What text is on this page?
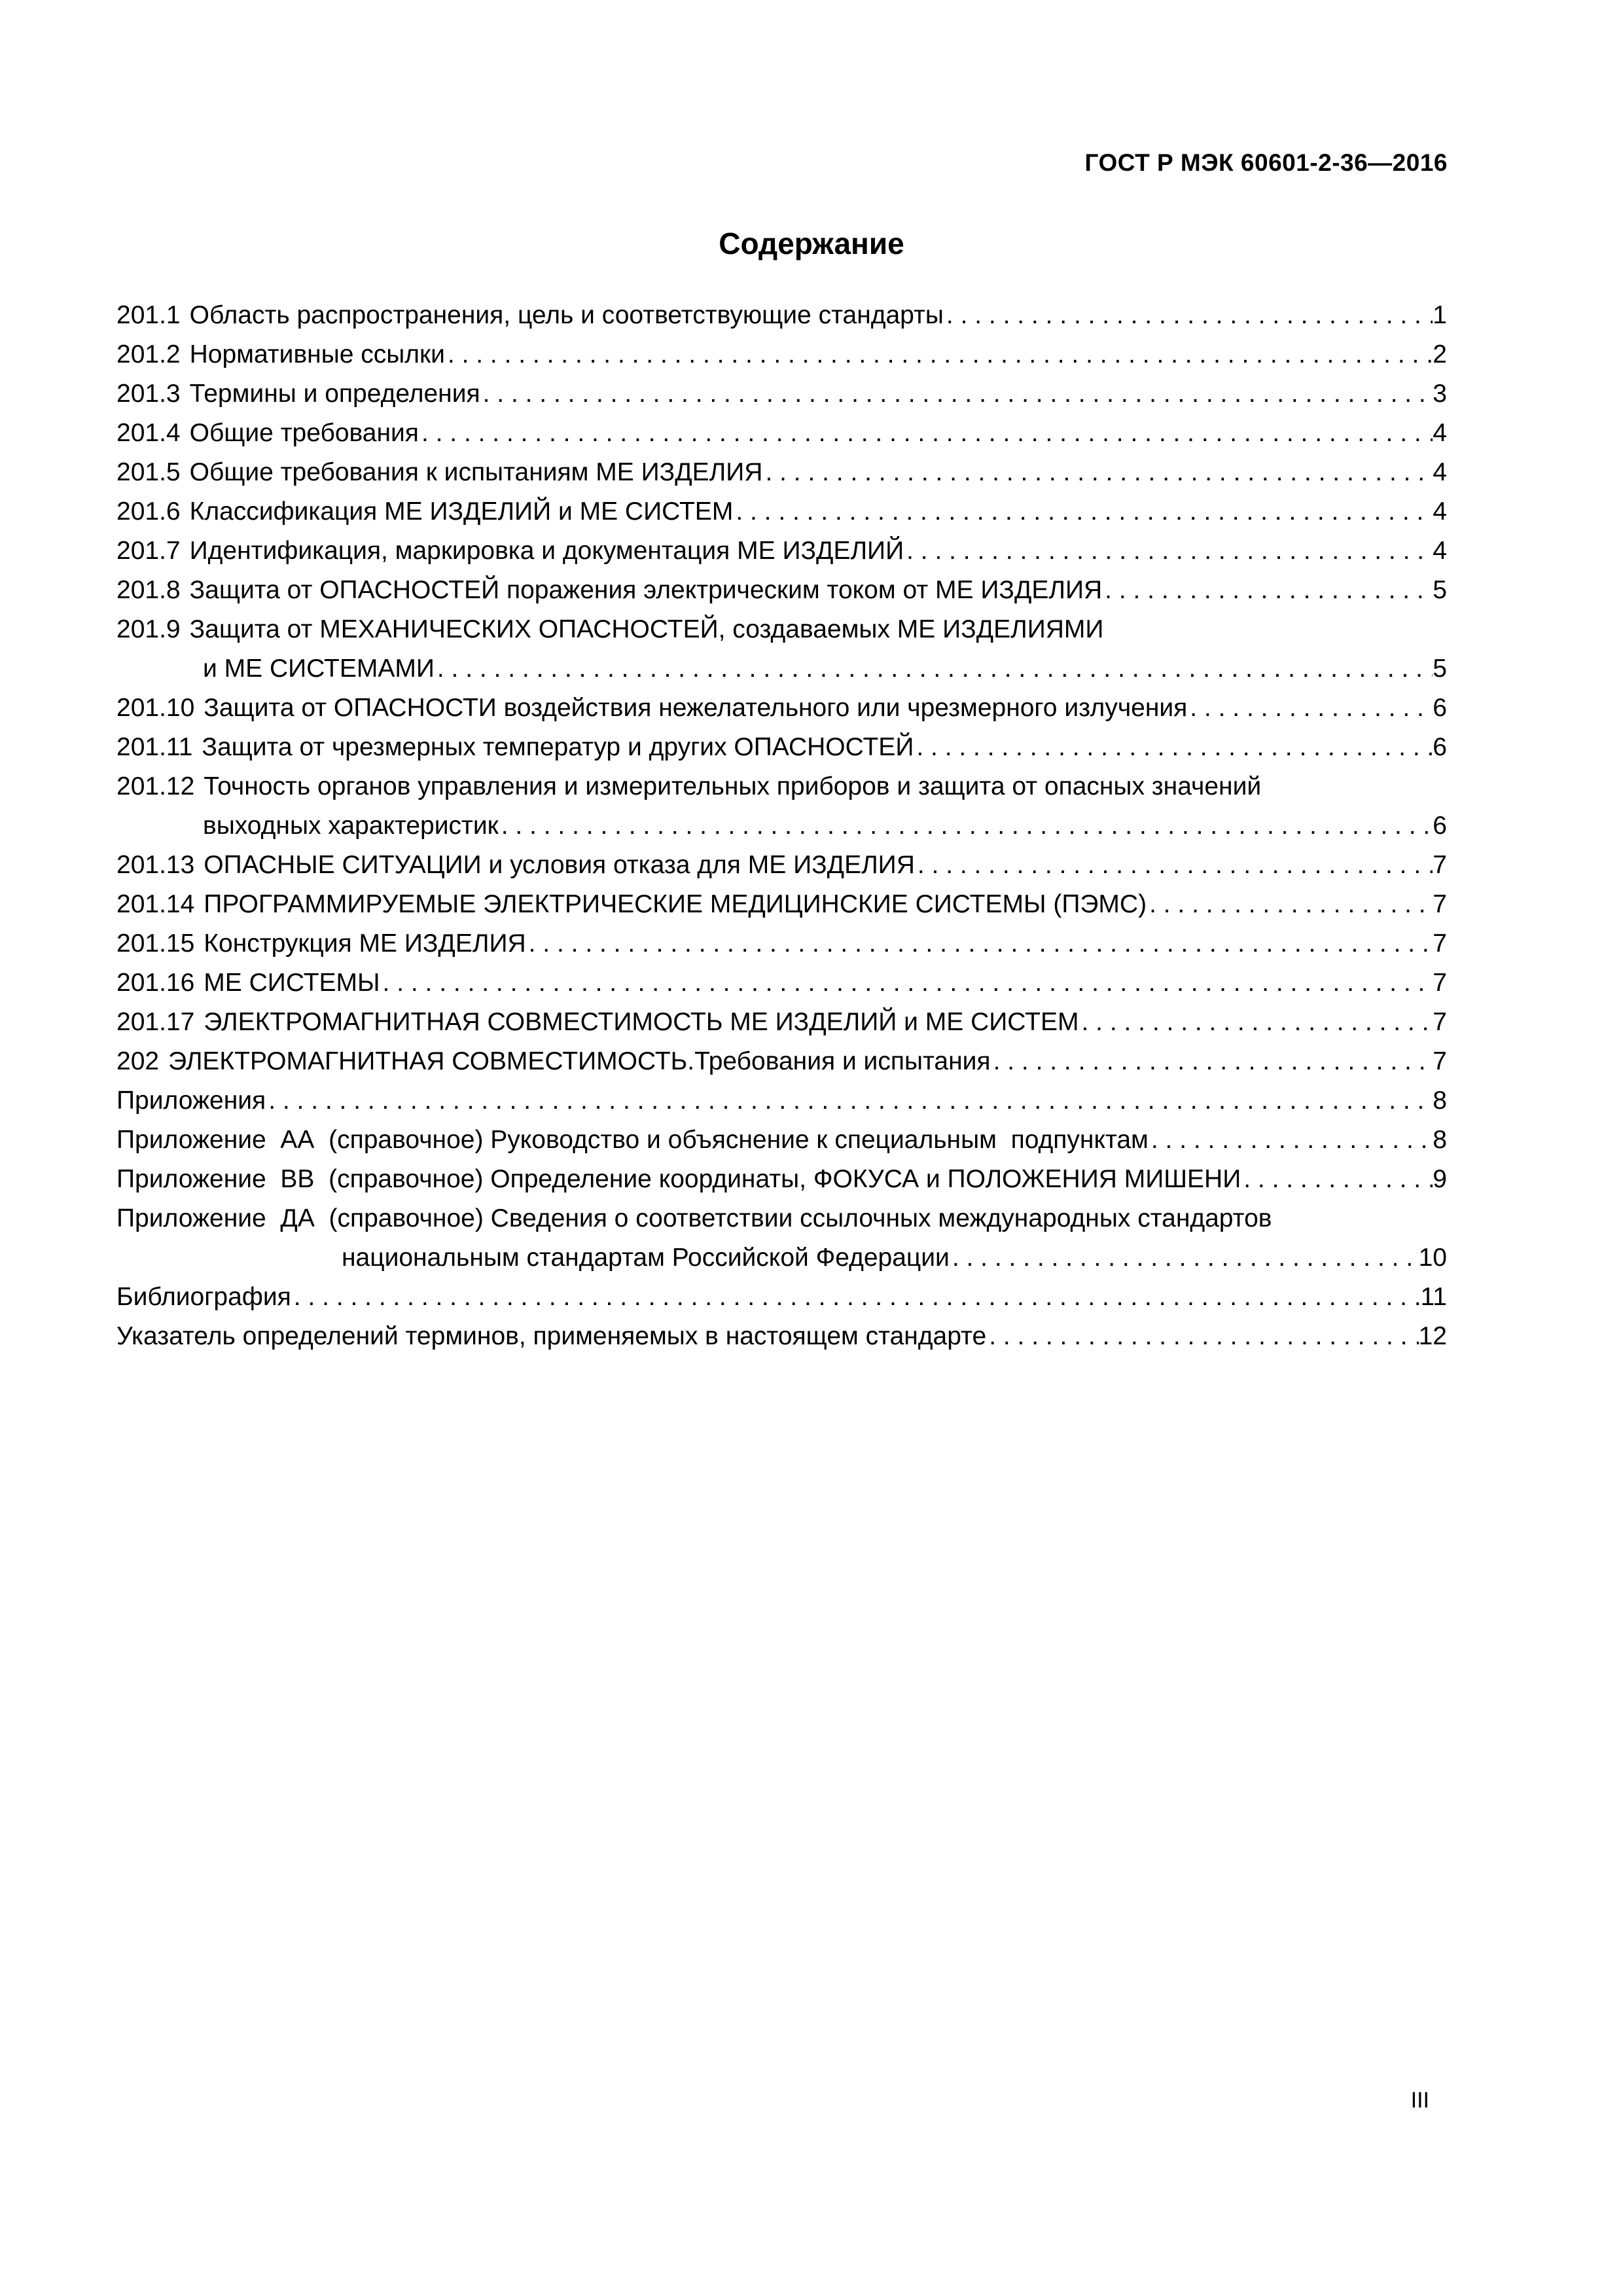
ГОСТ Р МЭК 60601-2-36—2016
Содержание
201.1 Область распространения, цель и соответствующие стандарты . . .	1
201.2 Нормативные ссылки . . .	2
201.3 Термины и определения . . .	3
201.4 Общие требования . . .	4
201.5 Общие требования к испытаниям МЕ ИЗДЕЛИЯ . . .	4
201.6 Классификация МЕ ИЗДЕЛИЙ и МЕ СИСТЕМ . . .	4
201.7 Идентификация, маркировка и документация МЕ ИЗДЕЛИЙ . . .	4
201.8 Защита от ОПАСНОСТЕЙ поражения электрическим током от МЕ ИЗДЕЛИЯ . . .	5
201.9 Защита от МЕХАНИЧЕСКИХ ОПАСНОСТЕЙ, создаваемых МЕ ИЗДЕЛИЯМИ
и МЕ СИСТЕМАМИ . . .	5
201.10 Защита от ОПАСНОСТИ воздействия нежелательного или чрезмерного излучения . . .	6
201.11 Защита от чрезмерных температур и других ОПАСНОСТЕЙ . . .	6
201.12 Точность органов управления и измерительных приборов и защита от опасных значений
выходных характеристик . . .	6
201.13 ОПАСНЫЕ СИТУАЦИИ и условия отказа для МЕ ИЗДЕЛИЯ . . .	7
201.14 ПРОГРАММИРУЕМЫЕ ЭЛЕКТРИЧЕСКИЕ МЕДИЦИНСКИЕ СИСТЕМЫ (ПЭМС) . . .	7
201.15 Конструкция МЕ ИЗДЕЛИЯ . . .	7
201.16 МЕ СИСТЕМЫ . . .	7
201.17 ЭЛЕКТРОМАГНИТНАЯ СОВМЕСТИМОСТЬ МЕ ИЗДЕЛИЙ и МЕ СИСТЕМ . . .	7
202 ЭЛЕКТРОМАГНИТНАЯ СОВМЕСТИМОСТЬ.Требования и испытания . . .	7
Приложения . . .	8
Приложение  АА  (справочное) Руководство и объяснение к специальным  подпунктам . . .	8
Приложение  ВВ  (справочное) Определение координаты, ФОКУСА и ПОЛОЖЕНИЯ МИШЕНИ . . .	9
Приложение  ДА  (справочное) Сведения о соответствии ссылочных международных стандартов
национальным стандартам Российской Федерации . . .	10
Библиография . . .	11
Указатель определений терминов, применяемых в настоящем стандарте . . .	12
III
